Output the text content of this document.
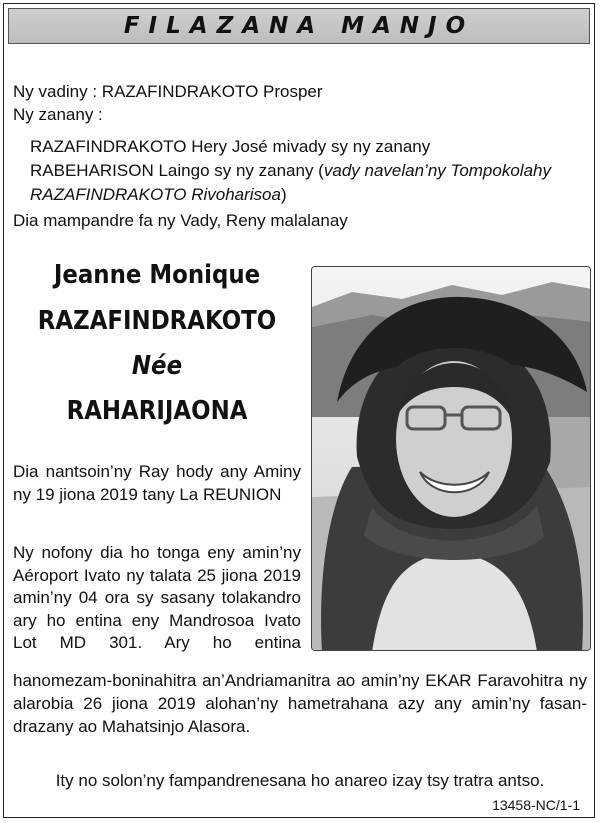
FILAZANA MANJO
Ny vadiny : RAZAFINDRAKOTO Prosper
Ny zanany :
RAZAFINDRAKOTO Hery José mivady sy ny zanany
RABEHARISON Laingo sy ny zanany (vady navelan’ny Tompokolahy
RAZAFINDRAKOTO Rivoharisoa)
Dia mampandre fa ny Vady, Reny malalanay
Jeanne Monique
RAZAFINDRAKOTO
Née
RAHARIJAONA
Dia nantsoin’ny Ray hody any Aminy
ny 19 jiona 2019 tany La REUNION
Ny nofony dia ho tonga eny amin’ny
Aéroport Ivato ny talata 25 jiona 2019
amin’ny 04 ora sy sasany tolakandro
ary ho entina eny Mandrosoa Ivato
Lot MD 301. Ary ho entina
hanomezam-boninahitra an’Andriamanitra ao amin’ny EKAR Faravohitra ny
alarobia 26 jiona 2019 alohan’ny hametrahana azy any amin’ny fasan-
drazany ao Mahatsinjo Alasora.
Ity no solon’ny fampandrenesana ho anareo izay tsy tratra antso.
13458-NC/1-1
